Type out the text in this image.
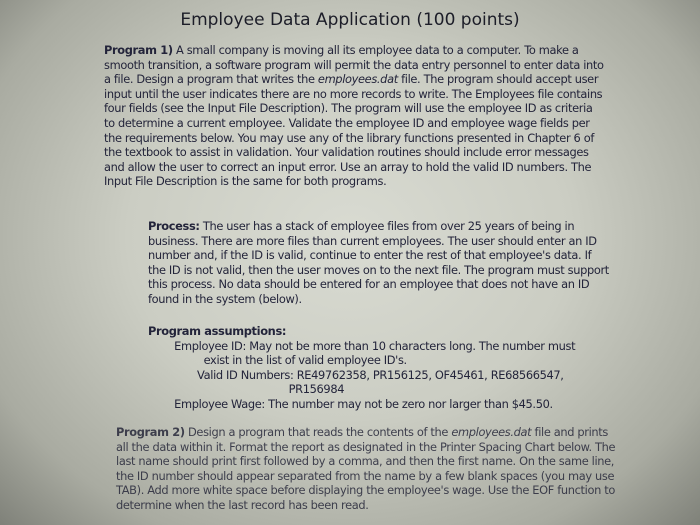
Employee Data Application (100 points)
Program 1) A small company is moving all its employee data to a computer. To make a
smooth transition, a software program will permit the data entry personnel to enter data into
a file. Design a program that writes the employees.dat file. The program should accept user
input until the user indicates there are no more records to write. The Employees file contains
four fields (see the Input File Description). The program will use the employee ID as criteria
to determine a current employee. Validate the employee ID and employee wage fields per
the requirements below. You may use any of the library functions presented in Chapter 6 of
the textbook to assist in validation. Your validation routines should include error messages
and allow the user to correct an input error. Use an array to hold the valid ID numbers. The
Input File Description is the same for both programs.
Process: The user has a stack of employee files from over 25 years of being in
business. There are more files than current employees. The user should enter an ID
number and, if the ID is valid, continue to enter the rest of that employee's data. If
the ID is not valid, then the user moves on to the next file. The program must support
this process. No data should be entered for an employee that does not have an ID
found in the system (below).
Program assumptions:
Employee ID: May not be more than 10 characters long. The number must
exist in the list of valid employee ID's.
Valid ID Numbers: RE49762358, PR156125, OF45461, RE68566547,
PR156984
Employee Wage: The number may not be zero nor larger than $45.50.
Program 2) Design a program that reads the contents of the employees.dat file and prints
all the data within it. Format the report as designated in the Printer Spacing Chart below. The
last name should print first followed by a comma, and then the first name. On the same line,
the ID number should appear separated from the name by a few blank spaces (you may use
TAB). Add more white space before displaying the employee's wage. Use the EOF function to
determine when the last record has been read.
